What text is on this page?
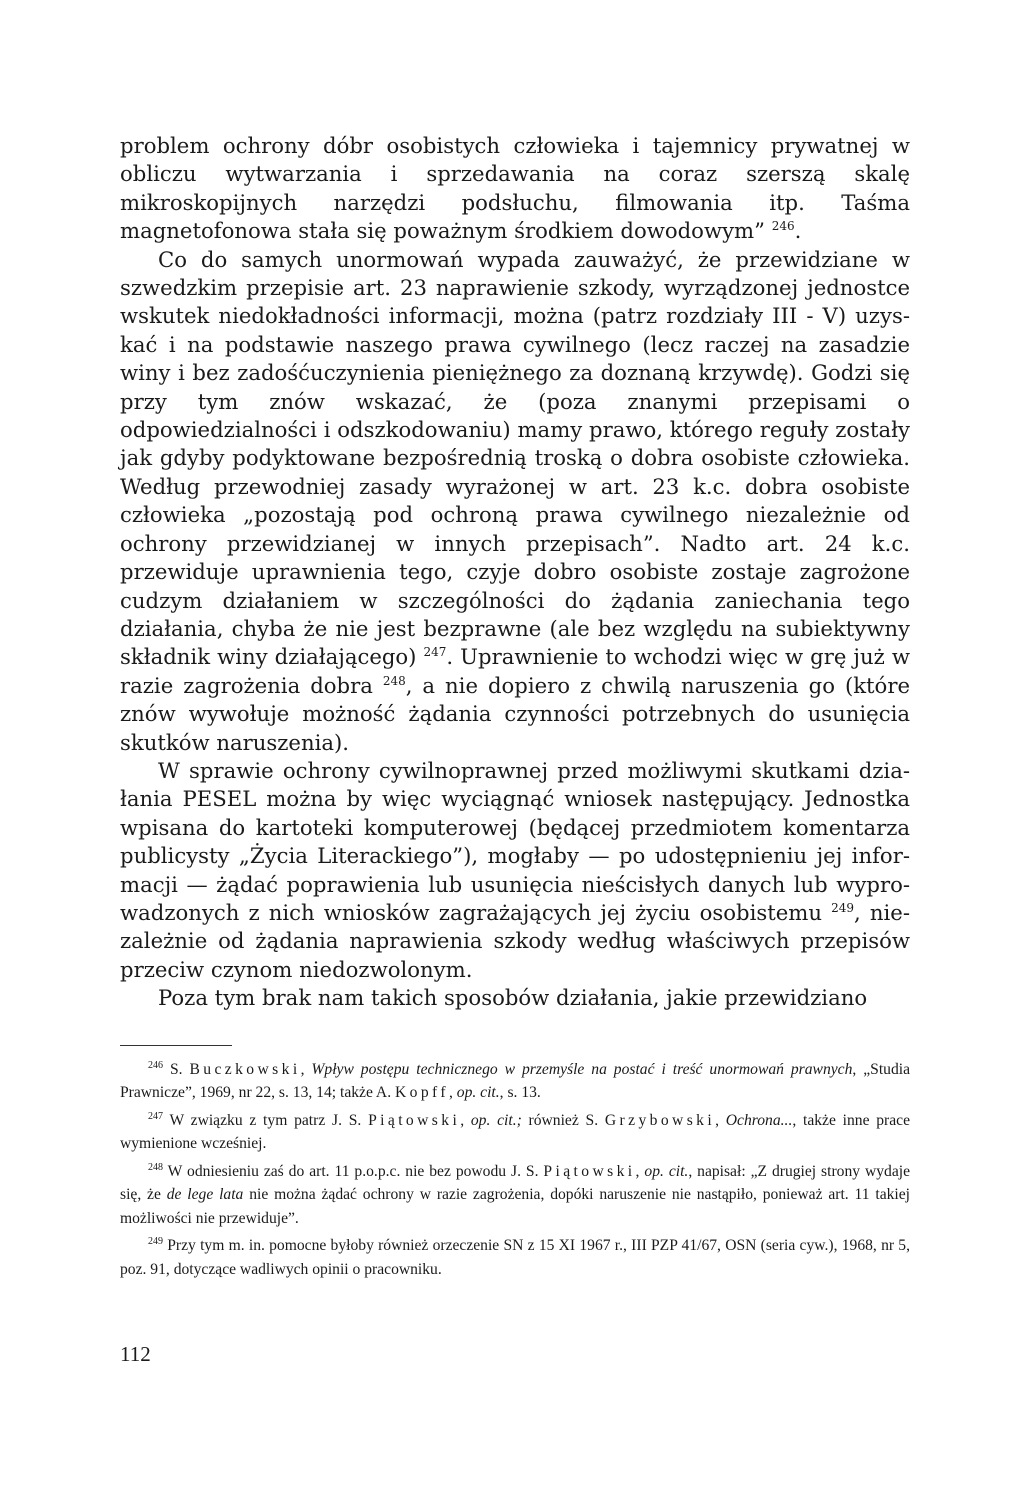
problem ochrony dóbr osobistych człowieka i tajemnicy prywatnej w obliczu wytwarzania i sprzedawania na coraz szerszą skalę mikroskopijnych narzędzi podsłuchu, filmowania itp. Taśma magnetofonowa stała się poważnym środkiem dowodowym” $^{246}$.

Co do samych unormowań wypada zauważyć, że przewidziane w szwedzkim przepisie art. 23 naprawienie szkody, wyrządzonej jednostce wskutek niedokładności informacji, można (patrz rozdziały III - V) uzyskać i na podstawie naszego prawa cywilnego (lecz raczej na zasadzie winy i bez zadośćuczynienia pieniężnego za doznaną krzywdę). Godzi się przy tym znów wskazać, że (poza znanymi przepisami o odpowiedzialności i odszkodowaniu) mamy prawo, którego reguły zostały jak gdyby podyktowane bezpośrednią troską o dobra osobiste człowieka. Według przewodniej zasady wyrażonej w art. 23 k.c. dobra osobiste człowieka „pozostają pod ochroną prawa cywilnego niezależnie od ochrony przewidzianej w innych przepisach”. Nadto art. 24 k.c. przewiduje uprawnienia tego, czyje dobro osobiste zostaje zagrożone cudzym działaniem w szczególności do żądania zaniechania tego działania, chyba że nie jest bezprawne (ale bez względu na subiektywny składnik winy działającego) $^{247}$. Uprawnienie to wchodzi więc w grę już w razie zagrożenia dobra $^{248}$, a nie dopiero z chwilą naruszenia go (które znów wywołuje możność żądania czynności potrzebnych do usunięcia skutków naruszenia).

W sprawie ochrony cywilnoprawnej przed możliwymi skutkami działania PESEL można by więc wyciągnąć wniosek następujący. Jednostka wpisana do kartoteki komputerowej (będącej przedmiotem komentarza publicysty „Życia Literackiego”), mogłaby — po udostępnieniu jej informacji — żądać poprawienia lub usunięcia nieścisłych danych lub wyprowadzonych z nich wniosków zagrażających jej życiu osobistemu $^{249}$, niezależnie od żądania naprawienia szkody według właściwych przepisów przeciw czynom niedozwolonym.

Poza tym brak nam takich sposobów działania, jakie przewidziano

$^{246}$ S. Buczkowski, Wpływ postępu technicznego w przemyśle na postać i treść unormowań prawnych, „Studia Prawnicze”, 1969, nr 22, s. 13, 14; także A. Kopff, op. cit., s. 13.

$^{247}$ W związku z tym patrz J. S. Piątowski, op. cit.; również S. Grzybowski, Ochrona..., także inne prace wymienione wcześniej.

$^{248}$ W odniesieniu zaś do art. 11 p.o.p.c. nie bez powodu J. S. Piątowski, op. cit., napisał: „Z drugiej strony wydaje się, że de lege lata nie można żądać ochrony w razie zagrożenia, dopóki naruszenie nie nastąpiło, ponieważ art. 11 takiej możliwości nie przewiduje”.

$^{249}$ Przy tym m. in. pomocne byłoby również orzeczenie SN z 15 XI 1967 r., III PZP 41/67, OSN (seria cyw.), 1968, nr 5, poz. 91, dotyczące wadliwych opinii o pracowniku.

112
